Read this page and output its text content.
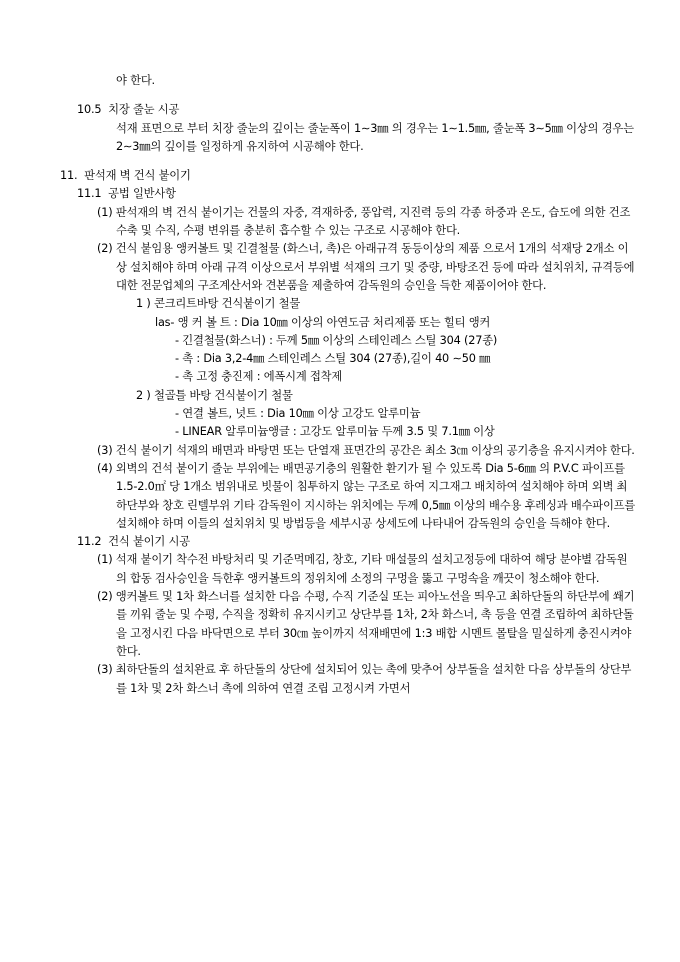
야 한다.
10.5  치장 줄눈 시공
석재 표면으로 부터 치장 줄눈의 깊이는 줄눈폭이 1∼3㎜ 의 경우는 1∼1.5㎜, 줄눈폭 3∼5㎜ 이상의 경우는 2∼3㎜의 깊이를 일정하게 유지하여 시공해야 한다.
11.  판석재 벽 건식 붙이기
11.1  공법 일반사항
(1) 판석재의 벽 건식 붙이기는 건물의 자중, 격재하중, 풍압력, 지진력 등의 각종 하중과 온도, 습도에 의한 건조수축 및 수직, 수평 변위를 충분히 흡수할 수 있는 구조로 시공해야 한다.
(2) 건식 붙임용 앵커볼트 및 긴결철물 (화스너, 촉)은 아래규격 동등이상의 제품 으로서 1개의 석재당 2개소 이상 설치해야 하며 아래 규격 이상으로서 부위별 석재의 크기 및 중량, 바탕조건 등에 따라 설치위치, 규격등에 대한 전문업체의 구조계산서와 견본품을 제출하여 감독원의 승인을 득한 제품이어야 한다.
1 ) 콘크리트바탕 건식붙이기 철물
las- 앵 커 볼 트 : Dia 10㎜ 이상의 아연도금 처리제품 또는 힐티 앵커
- 긴결철물(화스너) : 두께 5㎜ 이상의 스테인레스 스틸 304 (27종)
- 촉 : Dia 3,2-4㎜ 스테인레스 스틸 304 (27종),길이 40 ∼50 ㎜
- 촉 고정 충진제 : 에폭시계 접착제
2 ) 철골틀 바탕 건식붙이기 철물
- 연결 볼트, 넛트 : Dia 10㎜ 이상 고강도 알루미늄
- LINEAR 알루미늄앵글 : 고강도 알루미늄 두께 3.5 및 7.1㎜ 이상
(3) 건식 붙이기 석재의 배면과 바탕면 또는 단열재 표면간의 공간은 최소 3㎝ 이상의 공기층을 유지시켜야 한다.
(4) 외벽의 건석 붙이기 줄눈 부위에는 배면공기층의 원활한 환기가 될 수 있도록 Dia 5-6㎜ 의 P.V.C 파이프를 1.5-2.0㎡ 당 1개소 범위내로 빗물이 침투하지 않는 구조로 하여 지그재그 배치하여 설치해야 하며 외벽 최하단부와 창호 린텔부위 기타 감독원이 지시하는 위치에는 두께 0,5㎜ 이상의 배수용 후레싱과 배수파이프를 설치해야 하며 이들의 설치위치 및 방법등을 세부시공 상세도에 나타내어 감독원의 승인을 득해야 한다.
11.2  건식 붙이기 시공
(1) 석재 붙이기 착수전 바탕처리 및 기준먹메김, 창호, 기타 매설물의 설치고정등에 대하여 해당 분야별 감독원의 합동 검사승인을 득한후 앵커볼트의 정위치에 소정의 구멍을 뚫고 구멍속을 깨끗이 청소해야 한다.
(2) 앵커볼트 및 1차 화스너를 설치한 다음 수평, 수직 기준실 또는 피아노선을 띄우고 최하단돌의 하단부에 쐐기를 끼워 줄눈 및 수평, 수직을 정확히 유지시키고 상단부를 1차, 2차 화스너, 촉 등을 연결 조립하여 최하단돌을 고정시킨 다음 바닥면으로 부터 30㎝ 높이까지 석재배면에 1:3 배합 시멘트 몰탈을 밀실하게 충진시켜야 한다.
(3) 최하단돌의 설치완료 후 하단돌의 상단에 설치되어 있는 촉에 맞추어 상부돌을 설치한 다음 상부돌의 상단부를 1차 및 2차 화스너 촉에 의하여 연결 조립 고정시켜 가면서
